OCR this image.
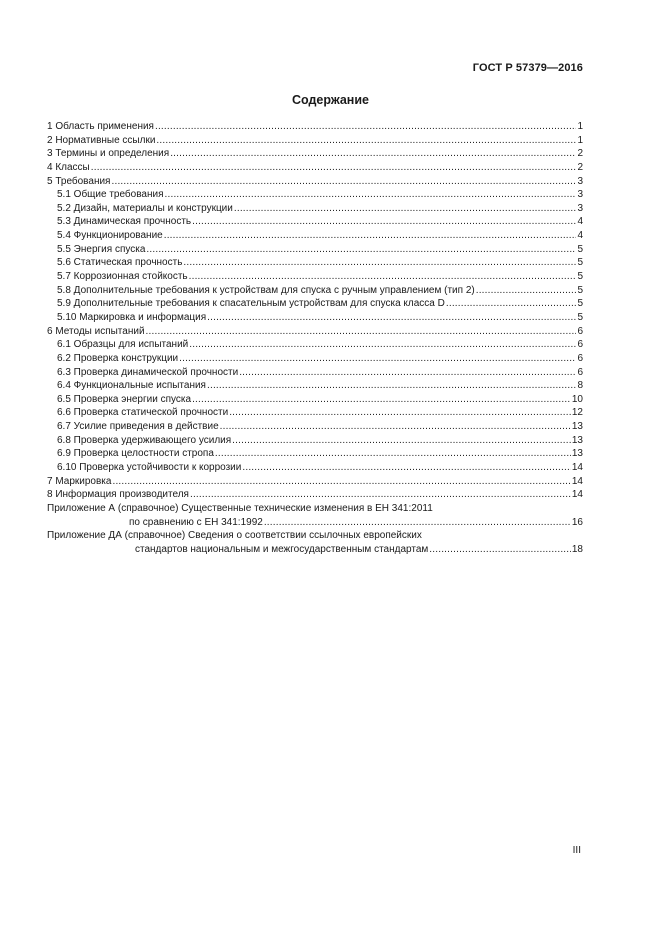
ГОСТ Р 57379—2016
Содержание
1 Область применения .....	1
2 Нормативные ссылки .....	1
3 Термины и определения .....	2
4 Классы .....	2
5 Требования .....	3
5.1 Общие требования .....	3
5.2 Дизайн, материалы и конструкции .....	3
5.3 Динамическая прочность .....	4
5.4 Функционирование .....	4
5.5 Энергия спуска .....	5
5.6 Статическая прочность .....	5
5.7 Коррозионная стойкость .....	5
5.8 Дополнительные требования к устройствам для спуска с ручным управлением (тип 2) .....	5
5.9 Дополнительные требования к спасательным устройствам для спуска класса D .....	5
5.10 Маркировка и информация .....	5
6 Методы испытаний .....	6
6.1 Образцы для испытаний .....	6
6.2 Проверка конструкции .....	6
6.3 Проверка динамической прочности .....	6
6.4 Функциональные испытания .....	8
6.5 Проверка энергии спуска .....	10
6.6 Проверка статической прочности .....	12
6.7 Усилие приведения в действие .....	13
6.8 Проверка удерживающего усилия .....	13
6.9 Проверка целостности стропа .....	13
6.10 Проверка устойчивости к коррозии .....	14
7 Маркировка .....	14
8 Информация производителя .....	14
Приложение А (справочное) Существенные технические изменения в ЕН 341:2011
по сравнению с ЕН 341:1992 .....	16
Приложение ДА (справочное) Сведения о соответствии ссылочных европейских
стандартов национальным и межгосударственным стандартам .....	18
III
